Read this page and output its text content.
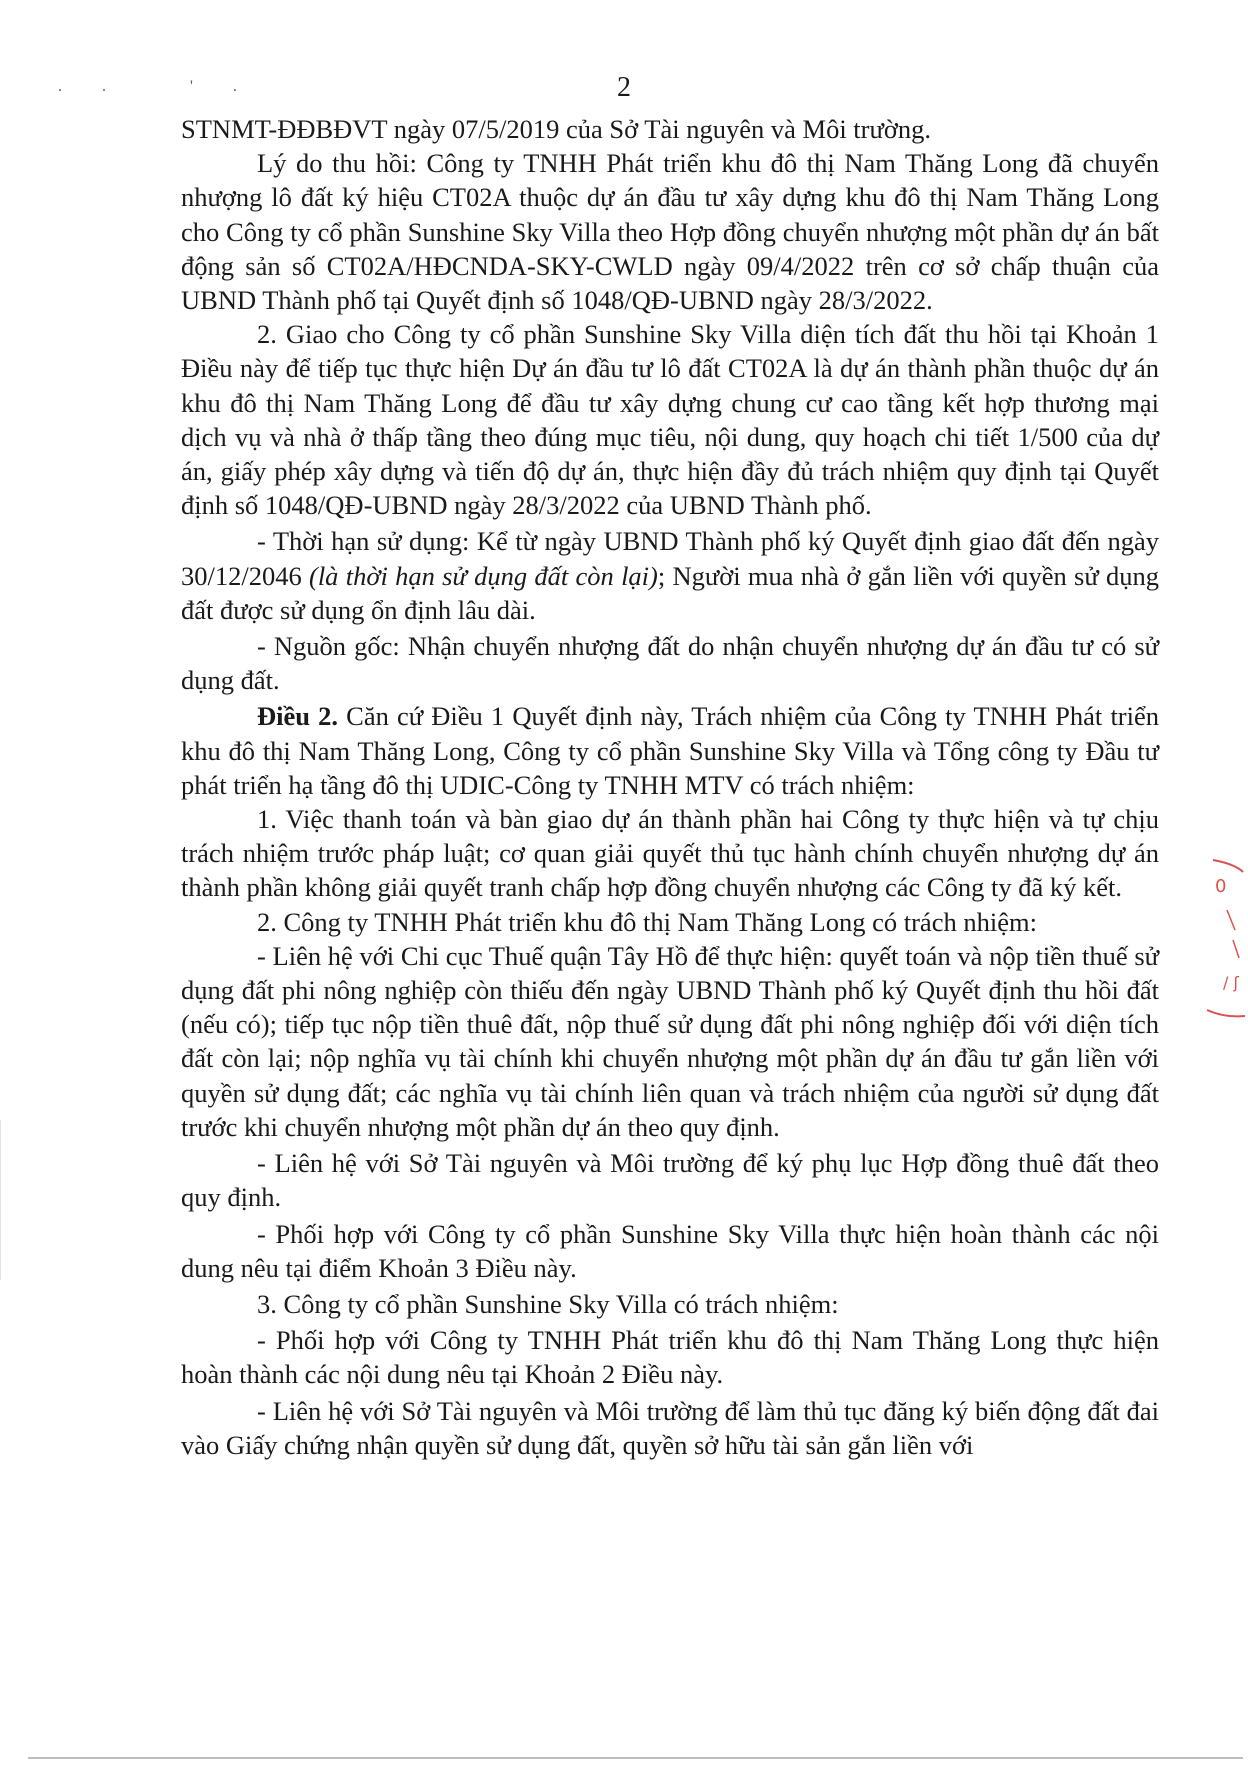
.. '.	2

STNMT-ĐĐBĐVT ngày 07/5/2019 của Sở Tài nguyên và Môi trường.

Lý do thu hồi: Công ty TNHH Phát triển khu đô thị Nam Thăng Long đã chuyển nhượng lô đất ký hiệu CT02A thuộc dự án đầu tư xây dựng khu đô thị Nam Thăng Long cho Công ty cổ phần Sunshine Sky Villa theo Hợp đồng chuyển nhượng một phần dự án bất động sản số CT02A/HĐCNDA-SKY-CWLD ngày 09/4/2022 trên cơ sở chấp thuận của UBND Thành phố tại Quyết định số 1048/QĐ-UBND ngày 28/3/2022.

2. Giao cho Công ty cổ phần Sunshine Sky Villa diện tích đất thu hồi tại Khoản 1 Điều này để tiếp tục thực hiện Dự án đầu tư lô đất CT02A là dự án thành phần thuộc dự án khu đô thị Nam Thăng Long để đầu tư xây dựng chung cư cao tầng kết hợp thương mại dịch vụ và nhà ở thấp tầng theo đúng mục tiêu, nội dung, quy hoạch chi tiết 1/500 của dự án, giấy phép xây dựng và tiến độ dự án, thực hiện đầy đủ trách nhiệm quy định tại Quyết định số 1048/QĐ-UBND ngày 28/3/2022 của UBND Thành phố.

- Thời hạn sử dụng: Kể từ ngày UBND Thành phố ký Quyết định giao đất đến ngày 30/12/2046 (là thời hạn sử dụng đất còn lại); Người mua nhà ở gắn liền với quyền sử dụng đất được sử dụng ổn định lâu dài.

- Nguồn gốc: Nhận chuyển nhượng đất do nhận chuyển nhượng dự án đầu tư có sử dụng đất.

Điều 2. Căn cứ Điều 1 Quyết định này, Trách nhiệm của Công ty TNHH Phát triển khu đô thị Nam Thăng Long, Công ty cổ phần Sunshine Sky Villa và Tổng công ty Đầu tư phát triển hạ tầng đô thị UDIC-Công ty TNHH MTV có trách nhiệm:

1. Việc thanh toán và bàn giao dự án thành phần hai Công ty thực hiện và tự chịu trách nhiệm trước pháp luật; cơ quan giải quyết thủ tục hành chính chuyển nhượng dự án thành phần không giải quyết tranh chấp hợp đồng chuyển nhượng các Công ty đã ký kết.

2. Công ty TNHH Phát triển khu đô thị Nam Thăng Long có trách nhiệm:

- Liên hệ với Chi cục Thuế quận Tây Hồ để thực hiện: quyết toán và nộp tiền thuế sử dụng đất phi nông nghiệp còn thiếu đến ngày UBND Thành phố ký Quyết định thu hồi đất (nếu có); tiếp tục nộp tiền thuê đất, nộp thuế sử dụng đất phi nông nghiệp đối với diện tích đất còn lại; nộp nghĩa vụ tài chính khi chuyển nhượng một phần dự án đầu tư gắn liền với quyền sử dụng đất; các nghĩa vụ tài chính liên quan và trách nhiệm của người sử dụng đất trước khi chuyển nhượng một phần dự án theo quy định.

- Liên hệ với Sở Tài nguyên và Môi trường để ký phụ lục Hợp đồng thuê đất theo quy định.

- Phối hợp với Công ty cổ phần Sunshine Sky Villa thực hiện hoàn thành các nội dung nêu tại điểm Khoản 3 Điều này.

3. Công ty cổ phần Sunshine Sky Villa có trách nhiệm:

- Phối hợp với Công ty TNHH Phát triển khu đô thị Nam Thăng Long thực hiện hoàn thành các nội dung nêu tại Khoản 2 Điều này.

- Liên hệ với Sở Tài nguyên và Môi trường để làm thủ tục đăng ký biến động đất đai vào Giấy chứng nhận quyền sử dụng đất, quyền sở hữu tài sản gắn liền với

0
/ ʃ
